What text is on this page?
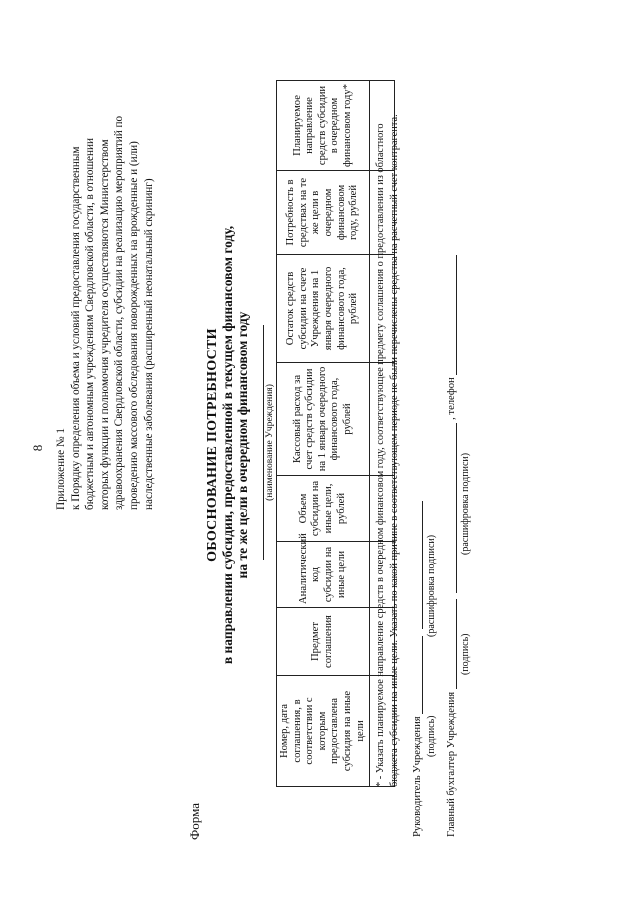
8 Приложение № 1 к Порядку определения объема и условий предоставления государственным бюджетным и автономным учреждениям Свердловской области, в отношении которых функции и полномочия учредителя осуществляются Министерством здравоохранения Свердловской области, субсидии на реализацию мероприятий по проведению массового обследования новорожденных на врожденные и (или) наследственные заболевания (расширенный неонатальный скрининг)
Форма
ОБОСНОВАНИЕ ПОТРЕБНОСТИ в направлении субсидии, предоставленной в текущем финансовом году, на те же цели в очередном финансовом году (наименование Учреждения)
Номер, дата соглашения, в соответствии с которым предоставлена субсидия на иные цели	Предмет соглашения	Аналитический код субсидии на иные цели	Объем субсидии на иные цели, рублей	Кассовый расход за счет средств субсидии на 1 января очередного финансового года, рублей	Остаток средств субсидии на счете Учреждения на 1 января очередного финансового года, рублей	Потребность в средствах на те же цели в очередном финансовом году, рублей	Планируемое направление средств субсидии в очередном финансовом году*
							* - Указать планируемое направление средств в очередном финансовом году, соответствующее предмету соглашения о предоставлении из областного бюджета субсидии на иные цели. Указать по какой причине в соответствующем периоде не были перечислены средства на расчетный счет контрагента. Руководитель Учреждения (подпись)
(расшифровка подписи)
Главный бухгалтер Учреждения   , телефон
(подпись)
(расшифровка подписи)
